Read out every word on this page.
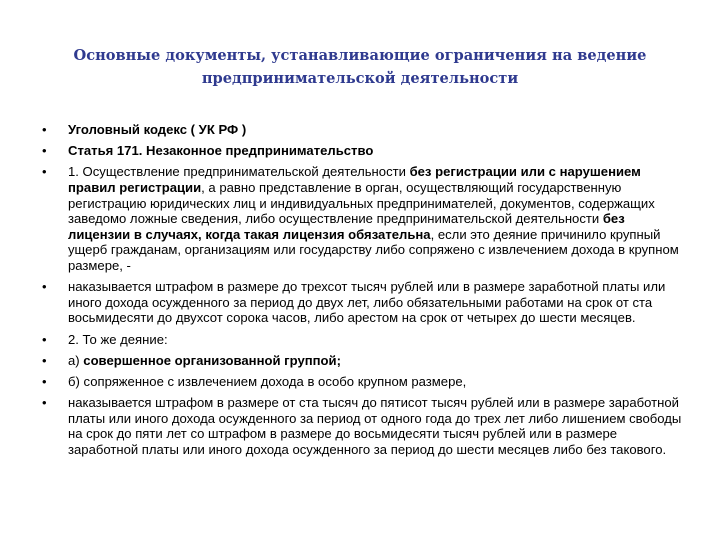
Основные документы, устанавливающие ограничения на ведение
предпринимательской деятельности
•	Уголовный кодекс ( УК РФ )
•	Статья 171. Незаконное предпринимательство
•	1. Осуществление предпринимательской деятельности без регистрации или с нарушением правил регистрации, а равно представление в орган, осуществляющий государственную регистрацию юридических лиц и индивидуальных предпринимателей, документов, содержащих заведомо ложные сведения, либо осуществление предпринимательской деятельности без лицензии в случаях, когда такая лицензия обязательна, если это деяние причинило крупный ущерб гражданам, организациям или государству либо сопряжено с извлечением дохода в крупном размере, -
•	наказывается штрафом в размере до трехсот тысяч рублей или в размере заработной платы или иного дохода осужденного за период до двух лет, либо обязательными работами на срок от ста восьмидесяти до двухсот сорока часов, либо арестом на срок от четырех до шести месяцев.
•	2. То же деяние:
•	а) совершенное организованной группой;
•	б) сопряженное с извлечением дохода в особо крупном размере,
•	наказывается штрафом в размере от ста тысяч до пятисот тысяч рублей или в размере заработной платы или иного дохода осужденного за период от одного года до трех лет либо лишением свободы на срок до пяти лет со штрафом в размере до восьмидесяти тысяч рублей или в размере заработной платы или иного дохода осужденного за период до шести месяцев либо без такового.
